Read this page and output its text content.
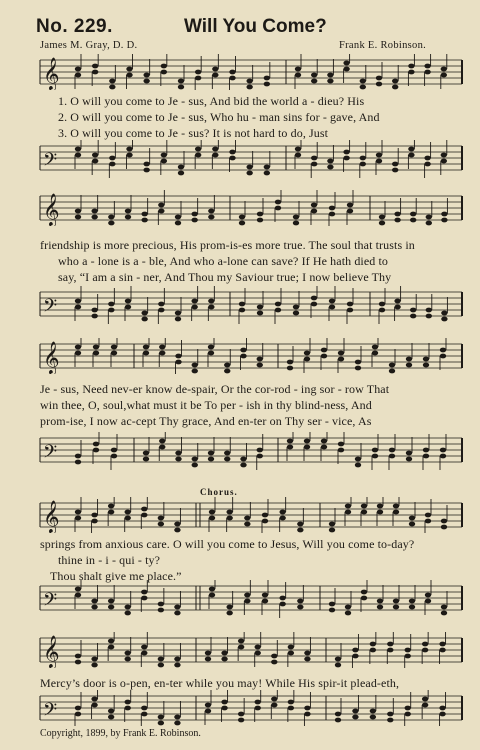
No. 229.	Will You Come?
James M. Gray, D. D.	Frank E. Robinson.
𝄞
1. O will you come to Je - sus, And bid the world a - dieu? His
2. O will you come to Je - sus, Who hu - man sins for - gave, And
3. O will you come to Je - sus? It is not hard to do, Just
𝄢
𝄞
friendship is more precious, His prom-is-es more true. The soul that trusts in
who a - lone is a - ble, And who a-lone can save? If He hath died to
say, “I am a sin - ner, And Thou my Saviour true; I now believe Thy
𝄢
𝄞
Je - sus, Need nev-er know de-spair, Or the cor-rod - ing sor - row That
win thee, O, soul,what must it be To per - ish in thy blind-ness, And
prom-ise, I now ac-cept Thy grace, And en-ter on Thy ser - vice, As
𝄢
Chorus.
𝄞
springs from anxious care. O will you come to Jesus, Will you come to-day?
thine in - i - qui - ty?
Thou shalt give me place.”
𝄢
𝄞
Mercy’s door is o-pen, en-ter while you may! While His spir-it plead-eth,
𝄢
Copyright, 1899, by Frank E. Robinson.
